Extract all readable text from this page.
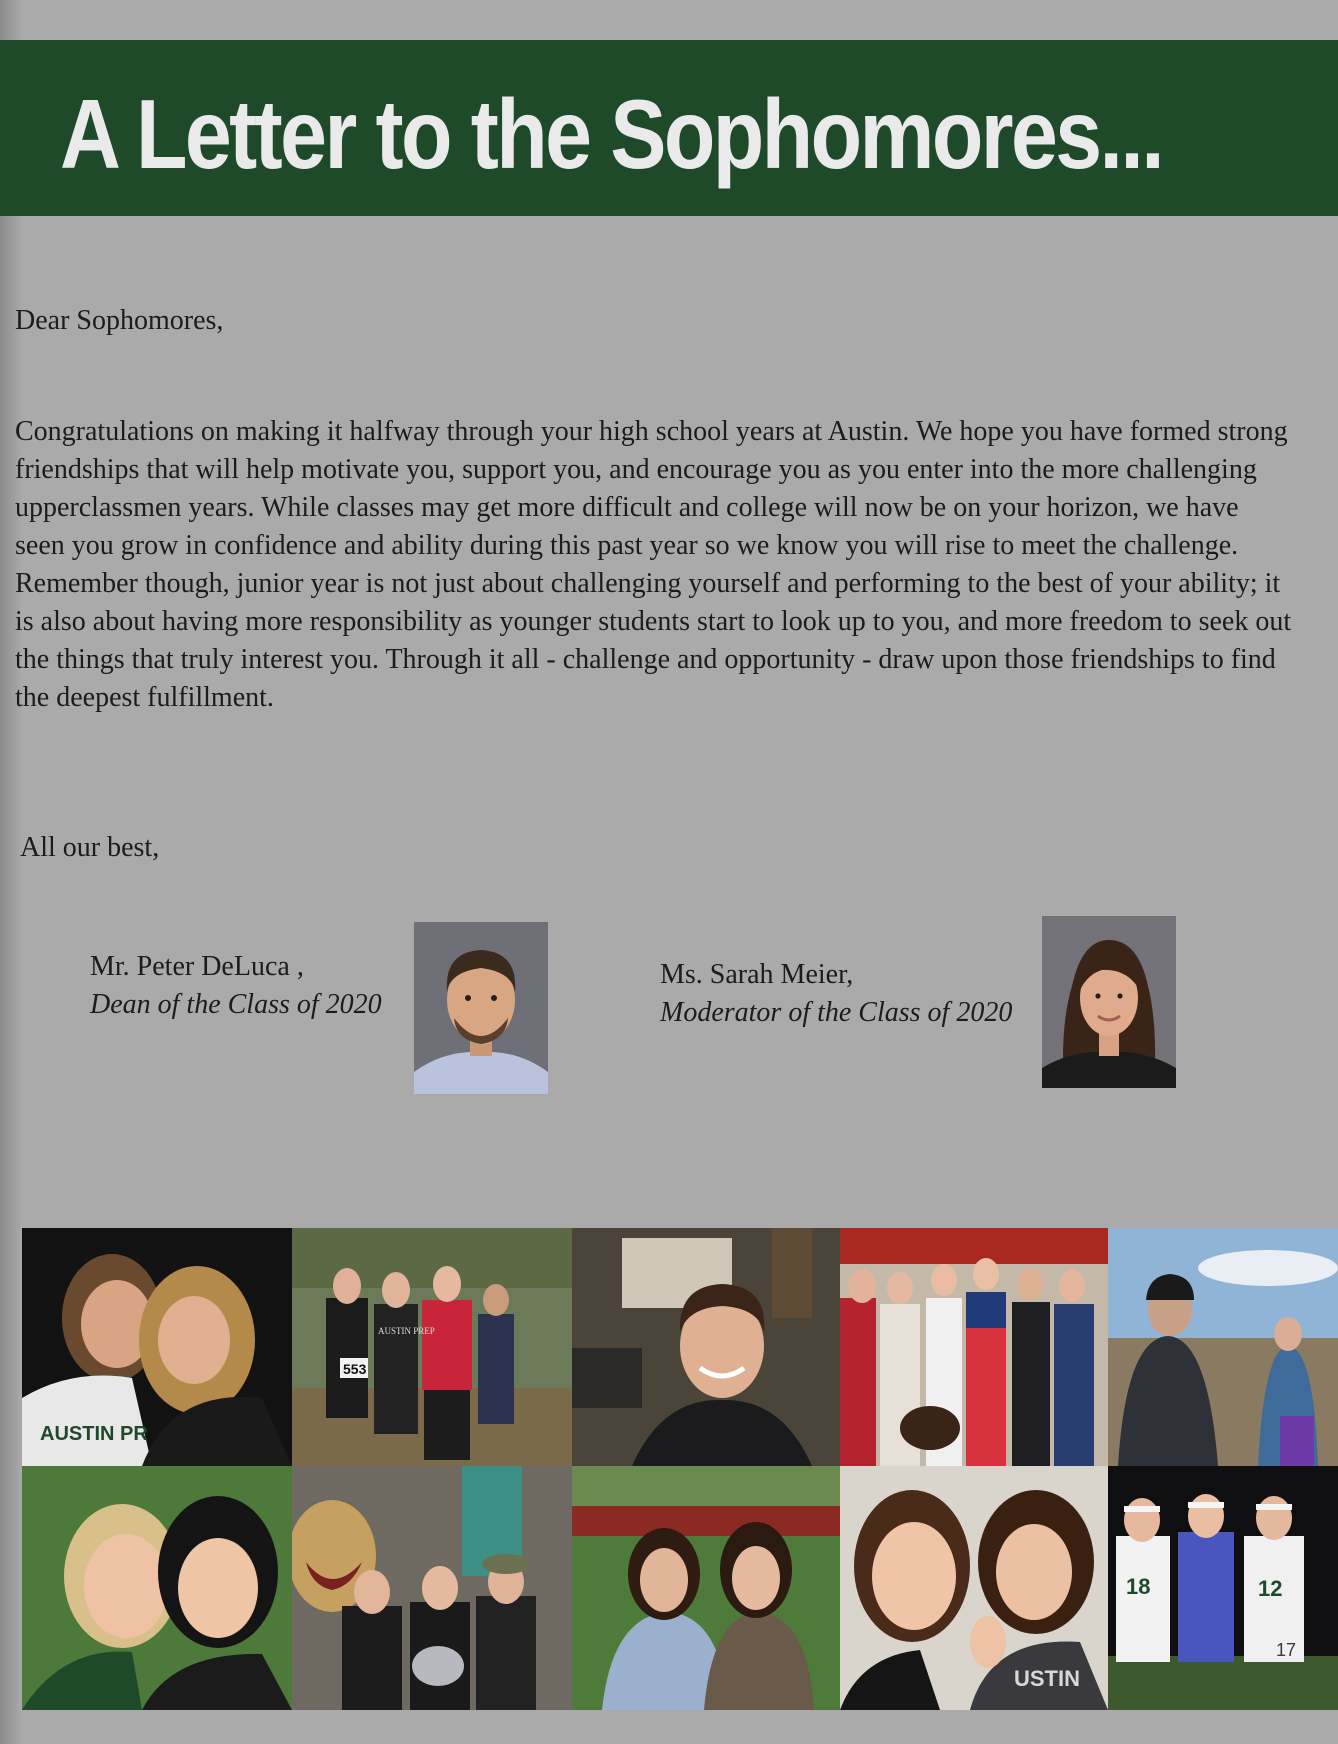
A Letter to the Sophomores...

Dear Sophomores,

Congratulations on making it halfway through your high school years at Austin. We hope you have formed strong friendships that will help motivate you, support you, and encourage you as you enter into the more challenging upperclassmen years. While classes may get more difficult and college will now be on your horizon, we have seen you grow in confidence and ability during this past year so we know you will rise to meet the challenge. Remember though, junior year is not just about challenging yourself and performing to the best of your ability; it is also about having more responsibility as younger students start to look up to you, and more freedom to seek out the things that truly interest you. Through it all - challenge and opportunity - draw upon those friendships to find the deepest fulfillment.

All our best,

Mr. Peter DeLuca ,
Dean of the Class of 2020
Ms. Sarah Meier,
Moderator of the Class of 2020
AUSTIN PR
553
AUSTIN PREP
USTIN
18	12
17
